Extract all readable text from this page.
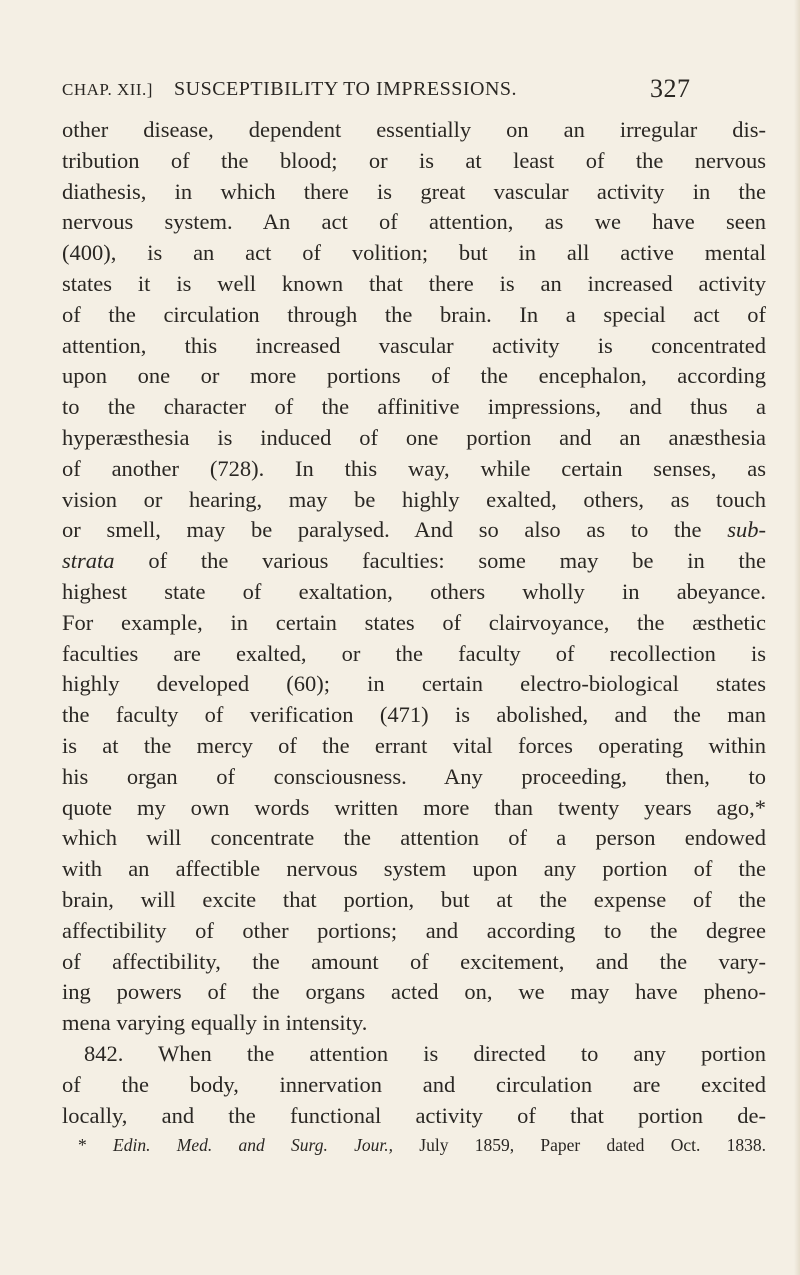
CHAP. XII.] SUSCEPTIBILITY TO IMPRESSIONS.	327
other disease, dependent essentially on an irregular dis-
tribution of the blood; or is at least of the nervous
diathesis, in which there is great vascular activity in the
nervous system. An act of attention, as we have seen
(400), is an act of volition; but in all active mental
states it is well known that there is an increased activity
of the circulation through the brain. In a special act of
attention, this increased vascular activity is concentrated
upon one or more portions of the encephalon, according
to the character of the affinitive impressions, and thus a
hyperæsthesia is induced of one portion and an anæsthesia
of another (728). In this way, while certain senses, as
vision or hearing, may be highly exalted, others, as touch
or smell, may be paralysed. And so also as to the sub-
strata of the various faculties: some may be in the
highest state of exaltation, others wholly in abeyance.
For example, in certain states of clairvoyance, the æsthetic
faculties are exalted, or the faculty of recollection is
highly developed (60); in certain electro-biological states
the faculty of verification (471) is abolished, and the man
is at the mercy of the errant vital forces operating within
his organ of consciousness. Any proceeding, then, to
quote my own words written more than twenty years ago,*
which will concentrate the attention of a person endowed
with an affectible nervous system upon any portion of the
brain, will excite that portion, but at the expense of the
affectibility of other portions; and according to the degree
of affectibility, the amount of excitement, and the vary-
ing powers of the organs acted on, we may have pheno-
mena varying equally in intensity.
842. When the attention is directed to any portion
of the body, innervation and circulation are excited
locally, and the functional activity of that portion de-
* Edin. Med. and Surg. Jour., July 1859, Paper dated Oct. 1838.
